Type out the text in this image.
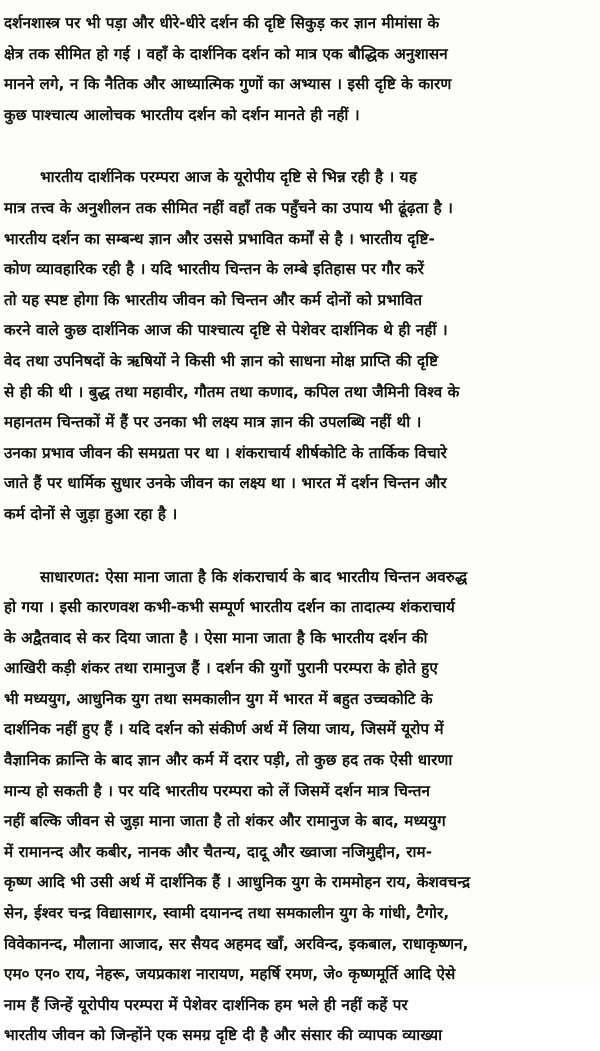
दर्शनशास्त्र पर भी पड़ा और धीरे-धीरे दर्शन की दृष्टि सिकुड़ कर ज्ञान मीमांसा के
क्षेत्र तक सीमित हो गई । वहाँ के दार्शनिक दर्शन को मात्र एक बौद्धिक अनुशासन
मानने लगे, न कि नैतिक और आध्यात्मिक गुणों का अभ्यास । इसी दृष्टि के कारण
कुछ पाश्चात्य आलोचक भारतीय दर्शन को दर्शन मानते ही नहीं ।
भारतीय दार्शनिक परम्परा आज के यूरोपीय दृष्टि से भिन्न रही है । यह
मात्र तत्त्व के अनुशीलन तक सीमित नहीं वहाँ तक पहुँचने का उपाय भी ढूंढ़ता है ।
भारतीय दर्शन का सम्बन्ध ज्ञान और उससे प्रभावित कर्मों से है । भारतीय दृष्टि-
कोण व्यावहारिक रही है । यदि भारतीय चिन्तन के लम्बे इतिहास पर गौर करें
तो यह स्पष्ट होगा कि भारतीय जीवन को चिन्तन और कर्म दोनों को प्रभावित
करने वाले कुछ दार्शनिक आज की पाश्चात्य दृष्टि से पेशेवर दार्शनिक थे ही नहीं ।
वेद तथा उपनिषदों के ऋषियों ने किसी भी ज्ञान को साधना मोक्ष प्राप्ति की दृष्टि
से ही की थी । बुद्ध तथा महावीर, गौतम तथा कणाद, कपिल तथा जैमिनी विश्व के
महानतम चिन्तकों में हैं पर उनका भी लक्ष्य मात्र ज्ञान की उपलब्धि नहीं थी ।
उनका प्रभाव जीवन की समग्रता पर था । शंकराचार्य शीर्षकोटि के तार्किक विचारे
जाते हैं पर धार्मिक सुधार उनके जीवन का लक्ष्य था । भारत में दर्शन चिन्तन और
कर्म दोनों से जुड़ा हुआ रहा है ।
साधारणत: ऐसा माना जाता है कि शंकराचार्य के बाद भारतीय चिन्तन अवरुद्ध
हो गया । इसी कारणवश कभी-कभी सम्पूर्ण भारतीय दर्शन का तादात्म्य शंकराचार्य
के अद्वैतवाद से कर दिया जाता है । ऐसा माना जाता है कि भारतीय दर्शन की
आखिरी कड़ी शंकर तथा रामानुज हैं । दर्शन की युगों पुरानी परम्परा के होते हुए
भी मध्ययुग, आधुनिक युग तथा समकालीन युग में भारत में बहुत उच्चकोटि के
दार्शनिक नहीं हुए हैं । यदि दर्शन को संकीर्ण अर्थ में लिया जाय, जिसमें यूरोप में
वैज्ञानिक क्रान्ति के बाद ज्ञान और कर्म में दरार पड़ी, तो कुछ हद तक ऐसी धारणा
मान्य हो सकती है । पर यदि भारतीय परम्परा को लें जिसमें दर्शन मात्र चिन्तन
नहीं बल्कि जीवन से जुड़ा माना जाता है तो शंकर और रामानुज के बाद, मध्ययुग
में रामानन्द और कबीर, नानक और चैतन्य, दादू और ख्वाजा नजिमुद्दीन, राम-
कृष्ण आदि भी उसी अर्थ में दार्शनिक हैं । आधुनिक युग के राममोहन राय, केशवचन्द्र
सेन, ईश्वर चन्द्र विद्यासागर, स्वामी दयानन्द तथा समकालीन युग के गांधी, टैगोर,
विवेकानन्द, मौलाना आजाद, सर सैयद अहमद खाँ, अरविन्द, इकबाल, राधाकृष्णन,
एम० एन० राय, नेहरू, जयप्रकाश नारायण, महर्षि रमण, जे० कृष्णमूर्ति आदि ऐसे
नाम हैं जिन्हें यूरोपीय परम्परा में पेशेवर दार्शनिक हम भले ही नहीं कहें पर
भारतीय जीवन को जिन्होंने एक समग्र दृष्टि दी है और संसार की व्यापक व्याख्या
